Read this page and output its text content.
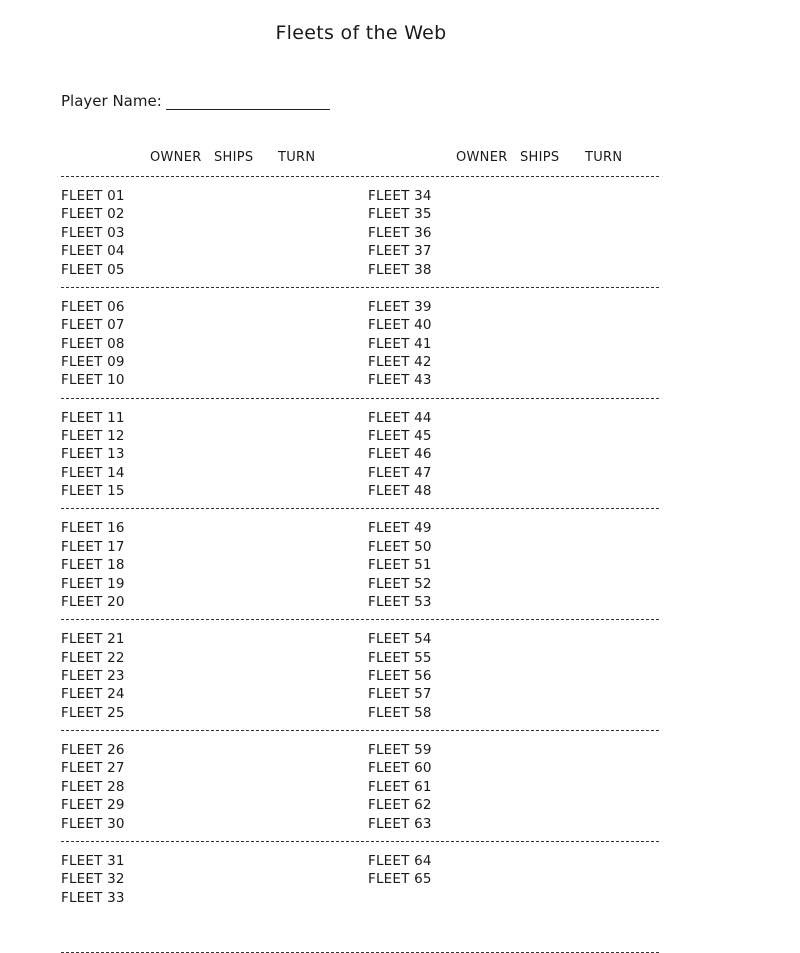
Fleets of the Web
Player Name:
OWNER SHIPS TURN	OWNER SHIPS TURN
FLEET 01
FLEET 02
FLEET 03
FLEET 04
FLEET 05
FLEET 34
FLEET 35
FLEET 36
FLEET 37
FLEET 38
FLEET 06
FLEET 07
FLEET 08
FLEET 09
FLEET 10
FLEET 39
FLEET 40
FLEET 41
FLEET 42
FLEET 43
FLEET 11
FLEET 12
FLEET 13
FLEET 14
FLEET 15
FLEET 44
FLEET 45
FLEET 46
FLEET 47
FLEET 48
FLEET 16
FLEET 17
FLEET 18
FLEET 19
FLEET 20
FLEET 49
FLEET 50
FLEET 51
FLEET 52
FLEET 53
FLEET 21
FLEET 22
FLEET 23
FLEET 24
FLEET 25
FLEET 54
FLEET 55
FLEET 56
FLEET 57
FLEET 58
FLEET 26
FLEET 27
FLEET 28
FLEET 29
FLEET 30
FLEET 59
FLEET 60
FLEET 61
FLEET 62
FLEET 63
FLEET 31
FLEET 32
FLEET 33
FLEET 64
FLEET 65
